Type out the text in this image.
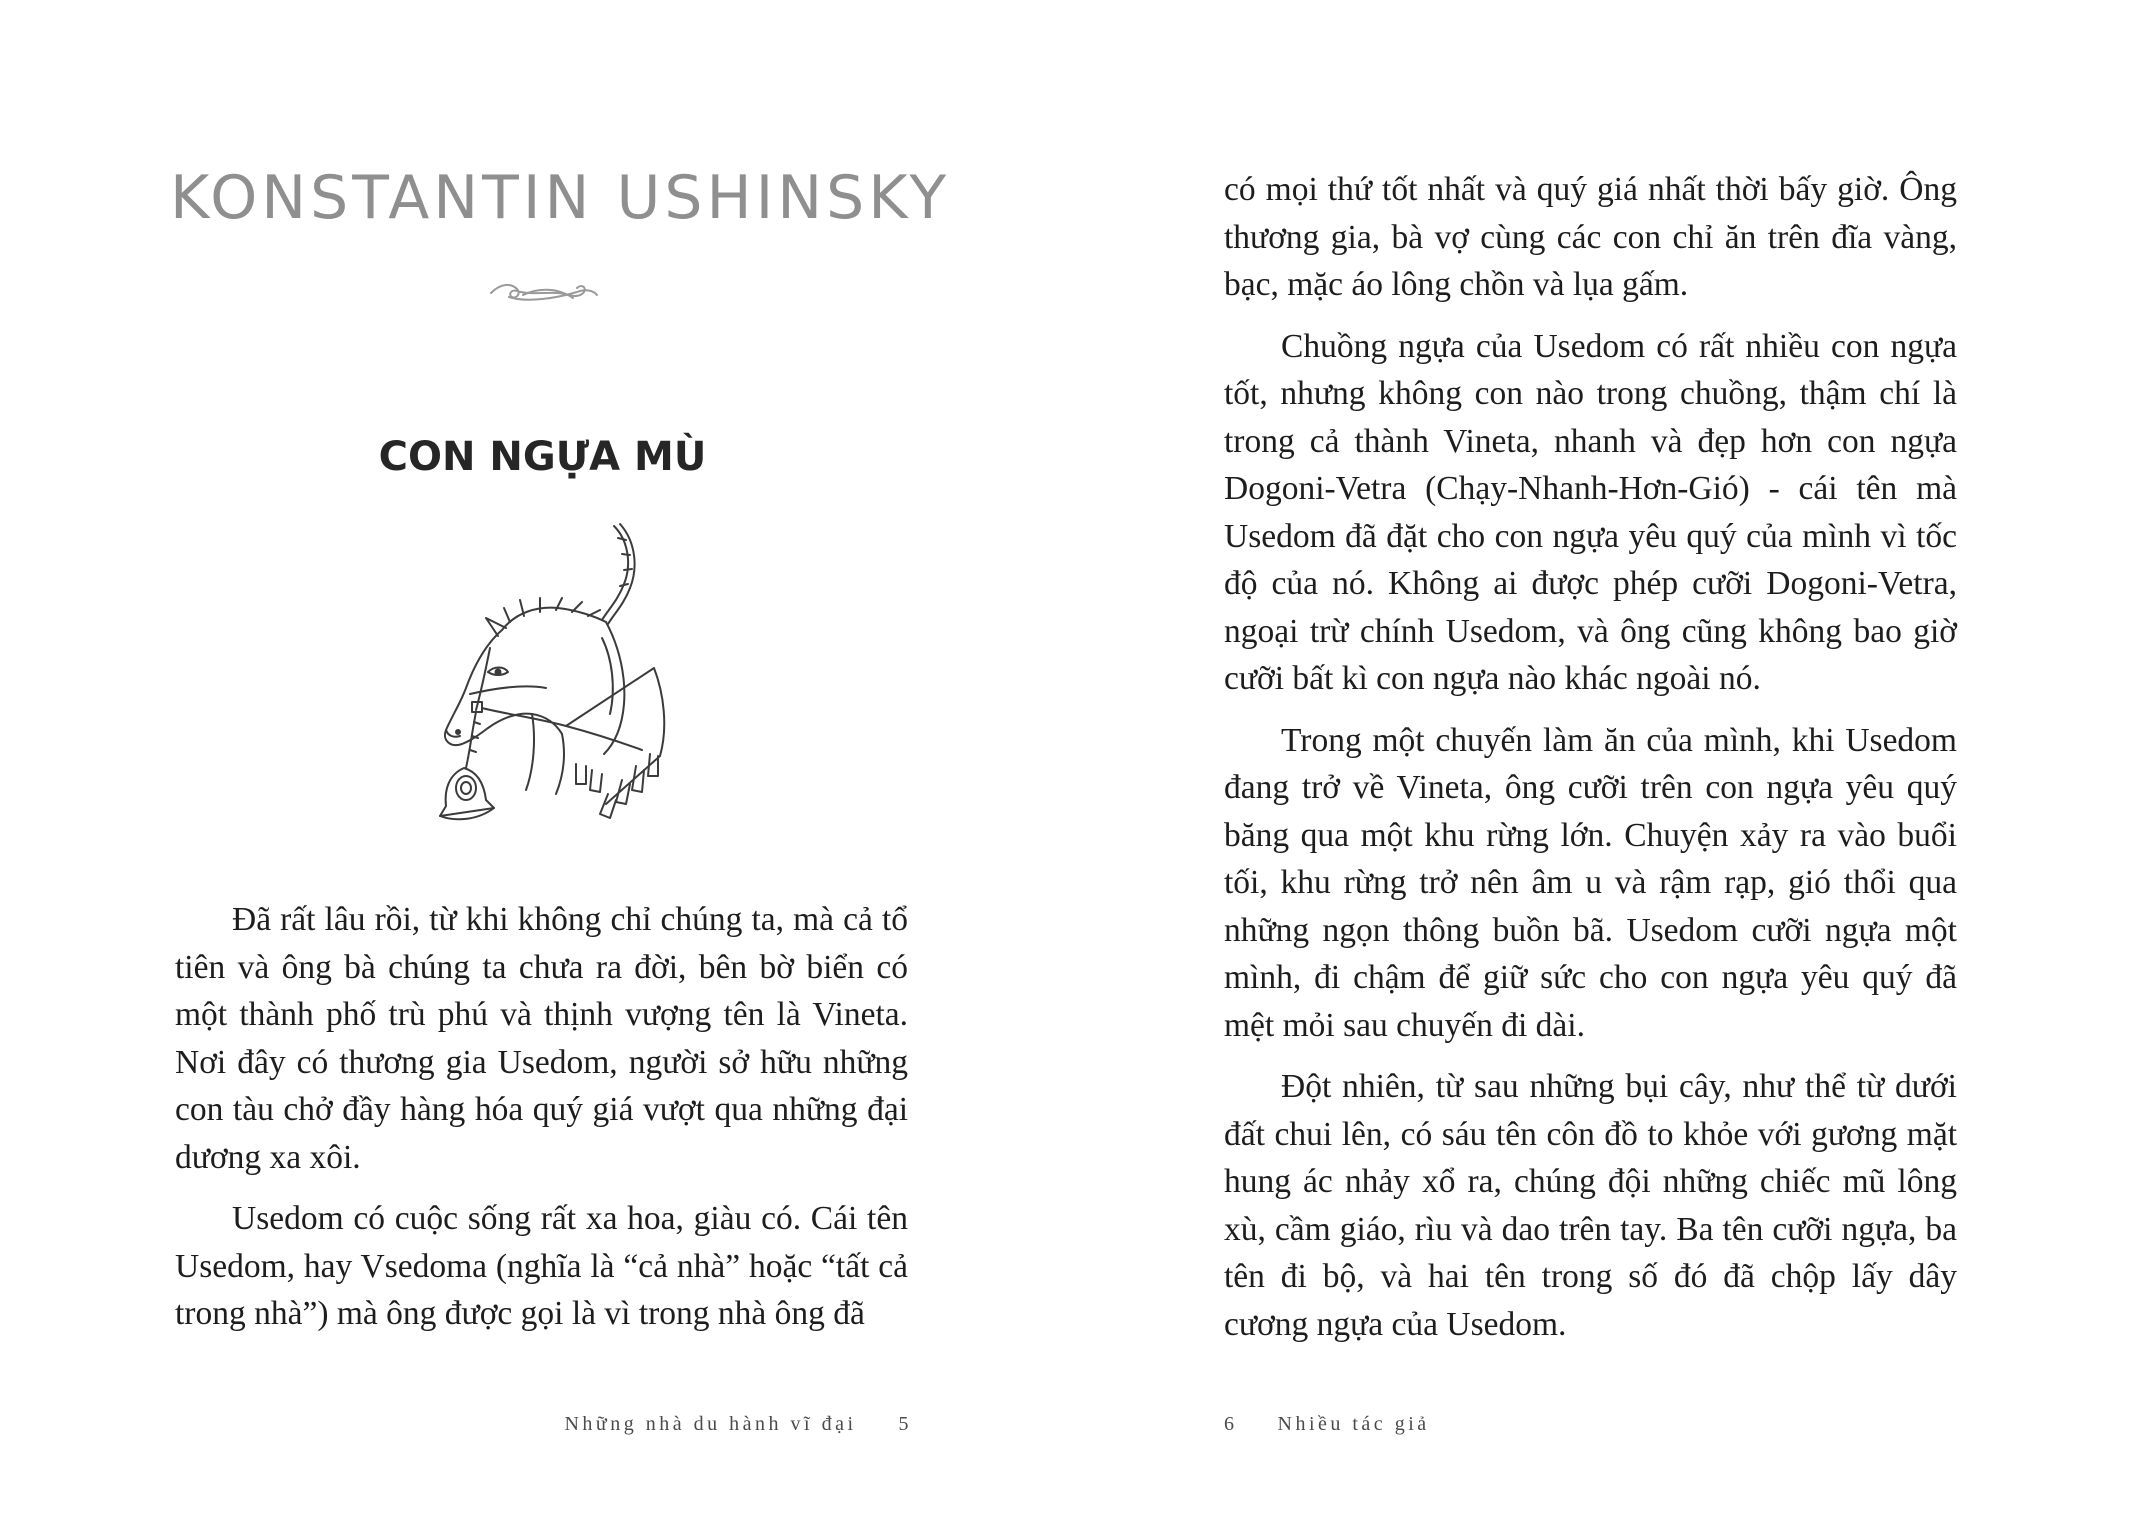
KONSTANTIN USHINSKY
CON NGỰA MÙ

Đã rất lâu rồi, từ khi không chỉ chúng ta, mà cả tổ tiên và ông bà chúng ta chưa ra đời, bên bờ biển có một thành phố trù phú và thịnh vượng tên là Vineta. Nơi đây có thương gia Usedom, người sở hữu những con tàu chở đầy hàng hóa quý giá vượt qua những đại dương xa xôi.

Usedom có cuộc sống rất xa hoa, giàu có. Cái tên Usedom, hay Vsedoma (nghĩa là “cả nhà” hoặc “tất cả trong nhà”) mà ông được gọi là vì trong nhà ông đã

Những nhà du hành vĩ đại 5

có mọi thứ tốt nhất và quý giá nhất thời bấy giờ. Ông thương gia, bà vợ cùng các con chỉ ăn trên đĩa vàng, bạc, mặc áo lông chồn và lụa gấm.

Chuồng ngựa của Usedom có rất nhiều con ngựa tốt, nhưng không con nào trong chuồng, thậm chí là trong cả thành Vineta, nhanh và đẹp hơn con ngựa Dogoni-Vetra (Chạy-Nhanh-Hơn-Gió) - cái tên mà Usedom đã đặt cho con ngựa yêu quý của mình vì tốc độ của nó. Không ai được phép cưỡi Dogoni-Vetra, ngoại trừ chính Usedom, và ông cũng không bao giờ cưỡi bất kì con ngựa nào khác ngoài nó.

Trong một chuyến làm ăn của mình, khi Usedom đang trở về Vineta, ông cưỡi trên con ngựa yêu quý băng qua một khu rừng lớn. Chuyện xảy ra vào buổi tối, khu rừng trở nên âm u và rậm rạp, gió thổi qua những ngọn thông buồn bã. Usedom cưỡi ngựa một mình, đi chậm để giữ sức cho con ngựa yêu quý đã mệt mỏi sau chuyến đi dài.

Đột nhiên, từ sau những bụi cây, như thể từ dưới đất chui lên, có sáu tên côn đồ to khỏe với gương mặt hung ác nhảy xổ ra, chúng đội những chiếc mũ lông xù, cầm giáo, rìu và dao trên tay. Ba tên cưỡi ngựa, ba tên đi bộ, và hai tên trong số đó đã chộp lấy dây cương ngựa của Usedom.

6 Nhiều tác giả
